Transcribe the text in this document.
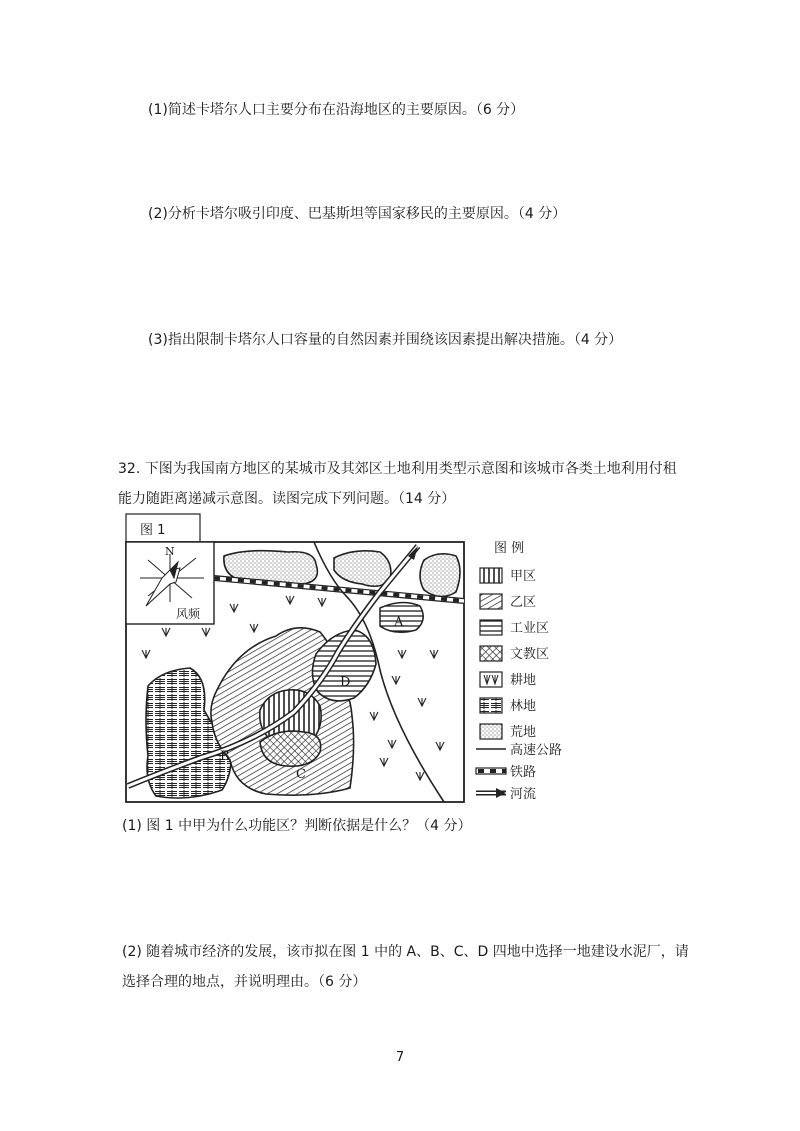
(1)简述卡塔尔人口主要分布在沿海地区的主要原因。（6 分）
(2)分析卡塔尔吸引印度、巴基斯坦等国家移民的主要原因。（4 分）
(3)指出限制卡塔尔人口容量的自然因素并围绕该因素提出解决措施。（4 分）
32. 下图为我国南方地区的某城市及其郊区土地利用类型示意图和该城市各类土地利用付租
能力随距离递减示意图。读图完成下列问题。（14 分）
图 1
N
风频
A
B
C
D
图 例
甲区
乙区
工业区
文教区
耕地
林地
荒地
高速公路
铁路
河流
(1) 图 1 中甲为什么功能区？判断依据是什么？（4 分）
(2) 随着城市经济的发展，该市拟在图 1 中的 A、B、C、D 四地中选择一地建设水泥厂，请
选择合理的地点，并说明理由。（6 分）
7
